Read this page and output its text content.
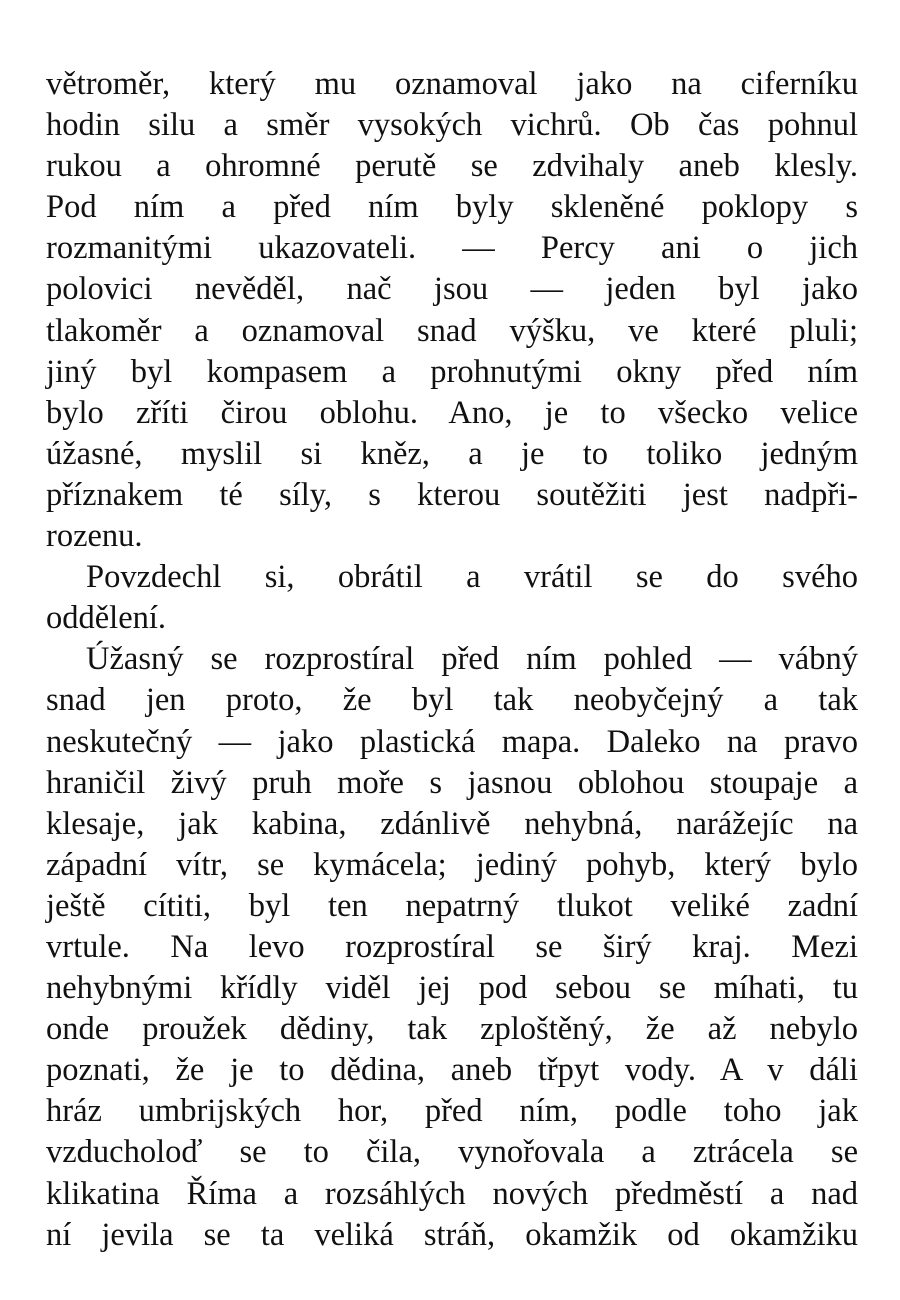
větroměr, který mu oznamoval jako na ciferníku
hodin silu a směr vysokých vichrů. Ob čas pohnul
rukou a ohromné perutě se zdvihaly aneb klesly.
Pod ním a před ním byly skleněné poklopy s
rozmanitými ukazovateli. — Percy ani o jich
polovici nevěděl, nač jsou — jeden byl jako
tlakoměr a oznamoval snad výšku, ve které pluli;
jiný byl kompasem a prohnutými okny před ním
bylo zříti čirou oblohu. Ano, je to všecko velice
úžasné, myslil si kněz, a je to toliko jedným
příznakem té síly, s kterou soutěžiti jest nadpři-
rozenu.
Povzdechl si, obrátil a vrátil se do svého
oddělení.
Úžasný se rozprostíral před ním pohled — vábný
snad jen proto, že byl tak neobyčejný a tak
neskutečný — jako plastická mapa. Daleko na pravo
hraničil živý pruh moře s jasnou oblohou stoupaje a
klesaje, jak kabina, zdánlivě nehybná, narážejíc na
západní vítr, se kymácela; jediný pohyb, který bylo
ještě cítiti, byl ten nepatrný tlukot veliké zadní
vrtule. Na levo rozprostíral se širý kraj. Mezi
nehybnými křídly viděl jej pod sebou se míhati, tu
onde proužek dědiny, tak zploštěný, že až nebylo
poznati, že je to dědina, aneb třpyt vody. A v dáli
hráz umbrijských hor, před ním, podle toho jak
vzducholoď se to čila, vynořovala a ztrácela se
klikatina Říma a rozsáhlých nových předměstí a nad
ní jevila se ta veliká stráň, okamžik od okamžiku
